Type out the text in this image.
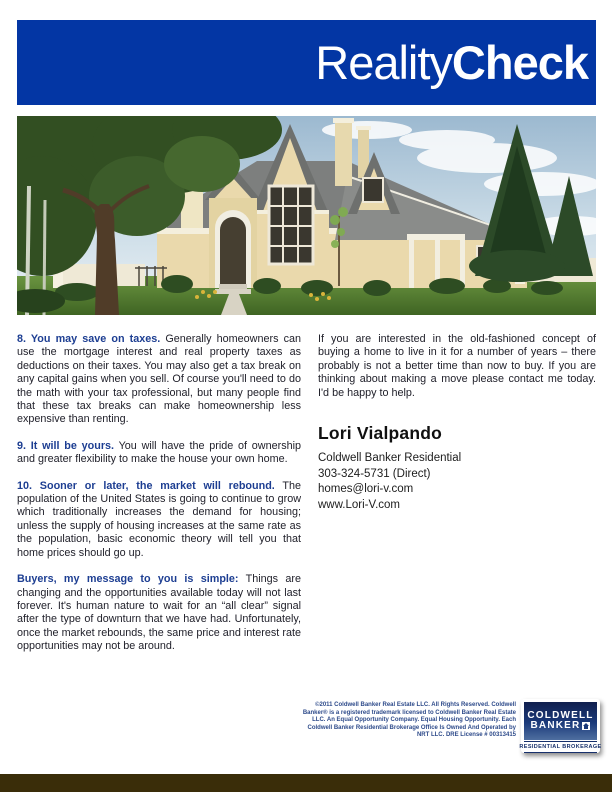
Reality Check

8. You may save on taxes. Generally homeowners can use the mortgage interest and real property taxes as deductions on their taxes. You may also get a tax break on any capital gains when you sell. Of course you'll need to do the math with your tax professional, but many people find that these tax breaks can make homeownership less expensive than renting.

9. It will be yours. You will have the pride of ownership and greater flexibility to make the house your own home.

10. Sooner or later, the market will rebound. The population of the United States is going to continue to grow which traditionally increases the demand for housing; unless the supply of housing increases at the same rate as the population, basic economic theory will tell you that home prices should go up.

Buyers, my message to you is simple: Things are changing and the opportunities available today will not last forever. It's human nature to wait for an “all clear” signal after the type of downturn that we have had. Unfortunately, once the market rebounds, the same price and interest rate opportunities may not be around.

If you are interested in the old-fashioned concept of buying a home to live in it for a number of years – there probably is not a better time than now to buy. If you are thinking about making a move please contact me today. I'd be happy to help.

Lori Vialpando
Coldwell Banker Residential
303-324-5731 (Direct)
homes@lori-v.com
www.Lori-V.com
©2011 Coldwell Banker Real Estate LLC. All Rights Reserved. Coldwell Banker® is a registered trademark licensed to Coldwell Banker Real Estate LLC. An Equal Opportunity Company. Equal Housing Opportunity. Each Coldwell Banker Residential Brokerage Office Is Owned And Operated by NRT LLC. DRE License # 00313415
COLDWELL
BANKER
RESIDENTIAL BROKERAGE
